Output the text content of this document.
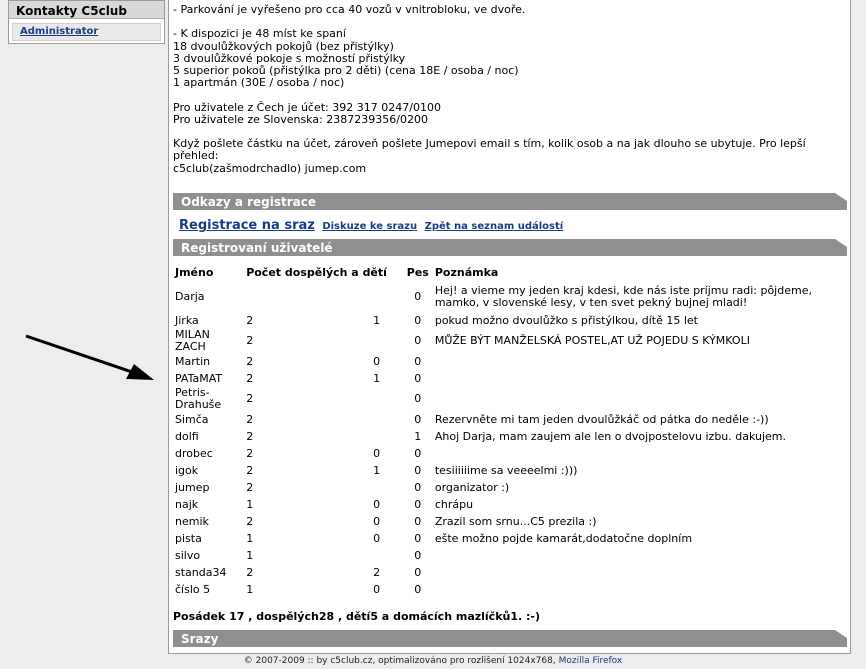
Kontakty C5club
Administrator
- Parkování je vyřešeno pro cca 40 vozů v vnitrobloku, ve dvoře.

- K dispozici je 48 míst ke spaní
18 dvoulůžkových pokojů (bez přistýlky)
3 dvoulůžkové pokoje s možností přistýlky
5 superior pokoů (přistýlka pro 2 děti) (cena 18E / osoba / noc)
1 apartmán (30E / osoba / noc)

Pro uživatele z Čech je účet: 392 317 0247/0100
Pro uživatele ze Slovenska: 2387239356/0200

Když pošlete částku na účet, zároveň pošlete Jumepovi email s tím, kolik osob a na jak dlouho se ubytuje. Pro lepší přehled:
c5club(zašmodrchadlo) jumep.com
Odkazy a registrace
Registrace na sraz Diskuze ke srazu Zpět na seznam událostí
Registrovaní uživatelé
Jméno	Počet dospělých a dětí		Pes	Poznámka
Darja			0	Hej! a vieme my jeden kraj kdesi, kde nás iste príjmu radi: pôjdeme, mamko, v slovenské lesy, v ten svet pekný bujnej mladi!
Jirka	2	1	0	pokud možno dvoulůžko s přistýlkou, dítě 15 let
MILAN ZACH	2		0	MŮŽE BÝT MANŽELSKÁ POSTEL,AT UŽ POJEDU S KÝMKOLI
Martin	2	0	0	
PATaMAT	2	1	0	
Petris-Drahuše	2		0	
Simča	2		0	Rezervněte mi tam jeden dvoulůžkáč od pátka do neděle :-))
dolfi	2		1	Ahoj Darja, mam zaujem ale len o dvojpostelovu izbu. dakujem.
drobec	2	0	0	
igok	2	1	0	tesiiiiiime sa veeeelmi :)))
jumep	2		0	organizator :)
najk	1	0	0	chrápu
nemik	2	0	0	Zrazil som srnu...C5 prezila :)
pista	1	0	0	ešte možno pojde kamarát,dodatočne doplním
silvo	1		0	
standa34	2	2	0	
číslo 5	1	0	0	
Posádek 17 , dospělých28 , dětí5 a domácích mazlíčků1. :-)
Srazy
© 2007-2009 :: by c5club.cz, optimalizováno pro rozlišení 1024x768, Mozilla Firefox
